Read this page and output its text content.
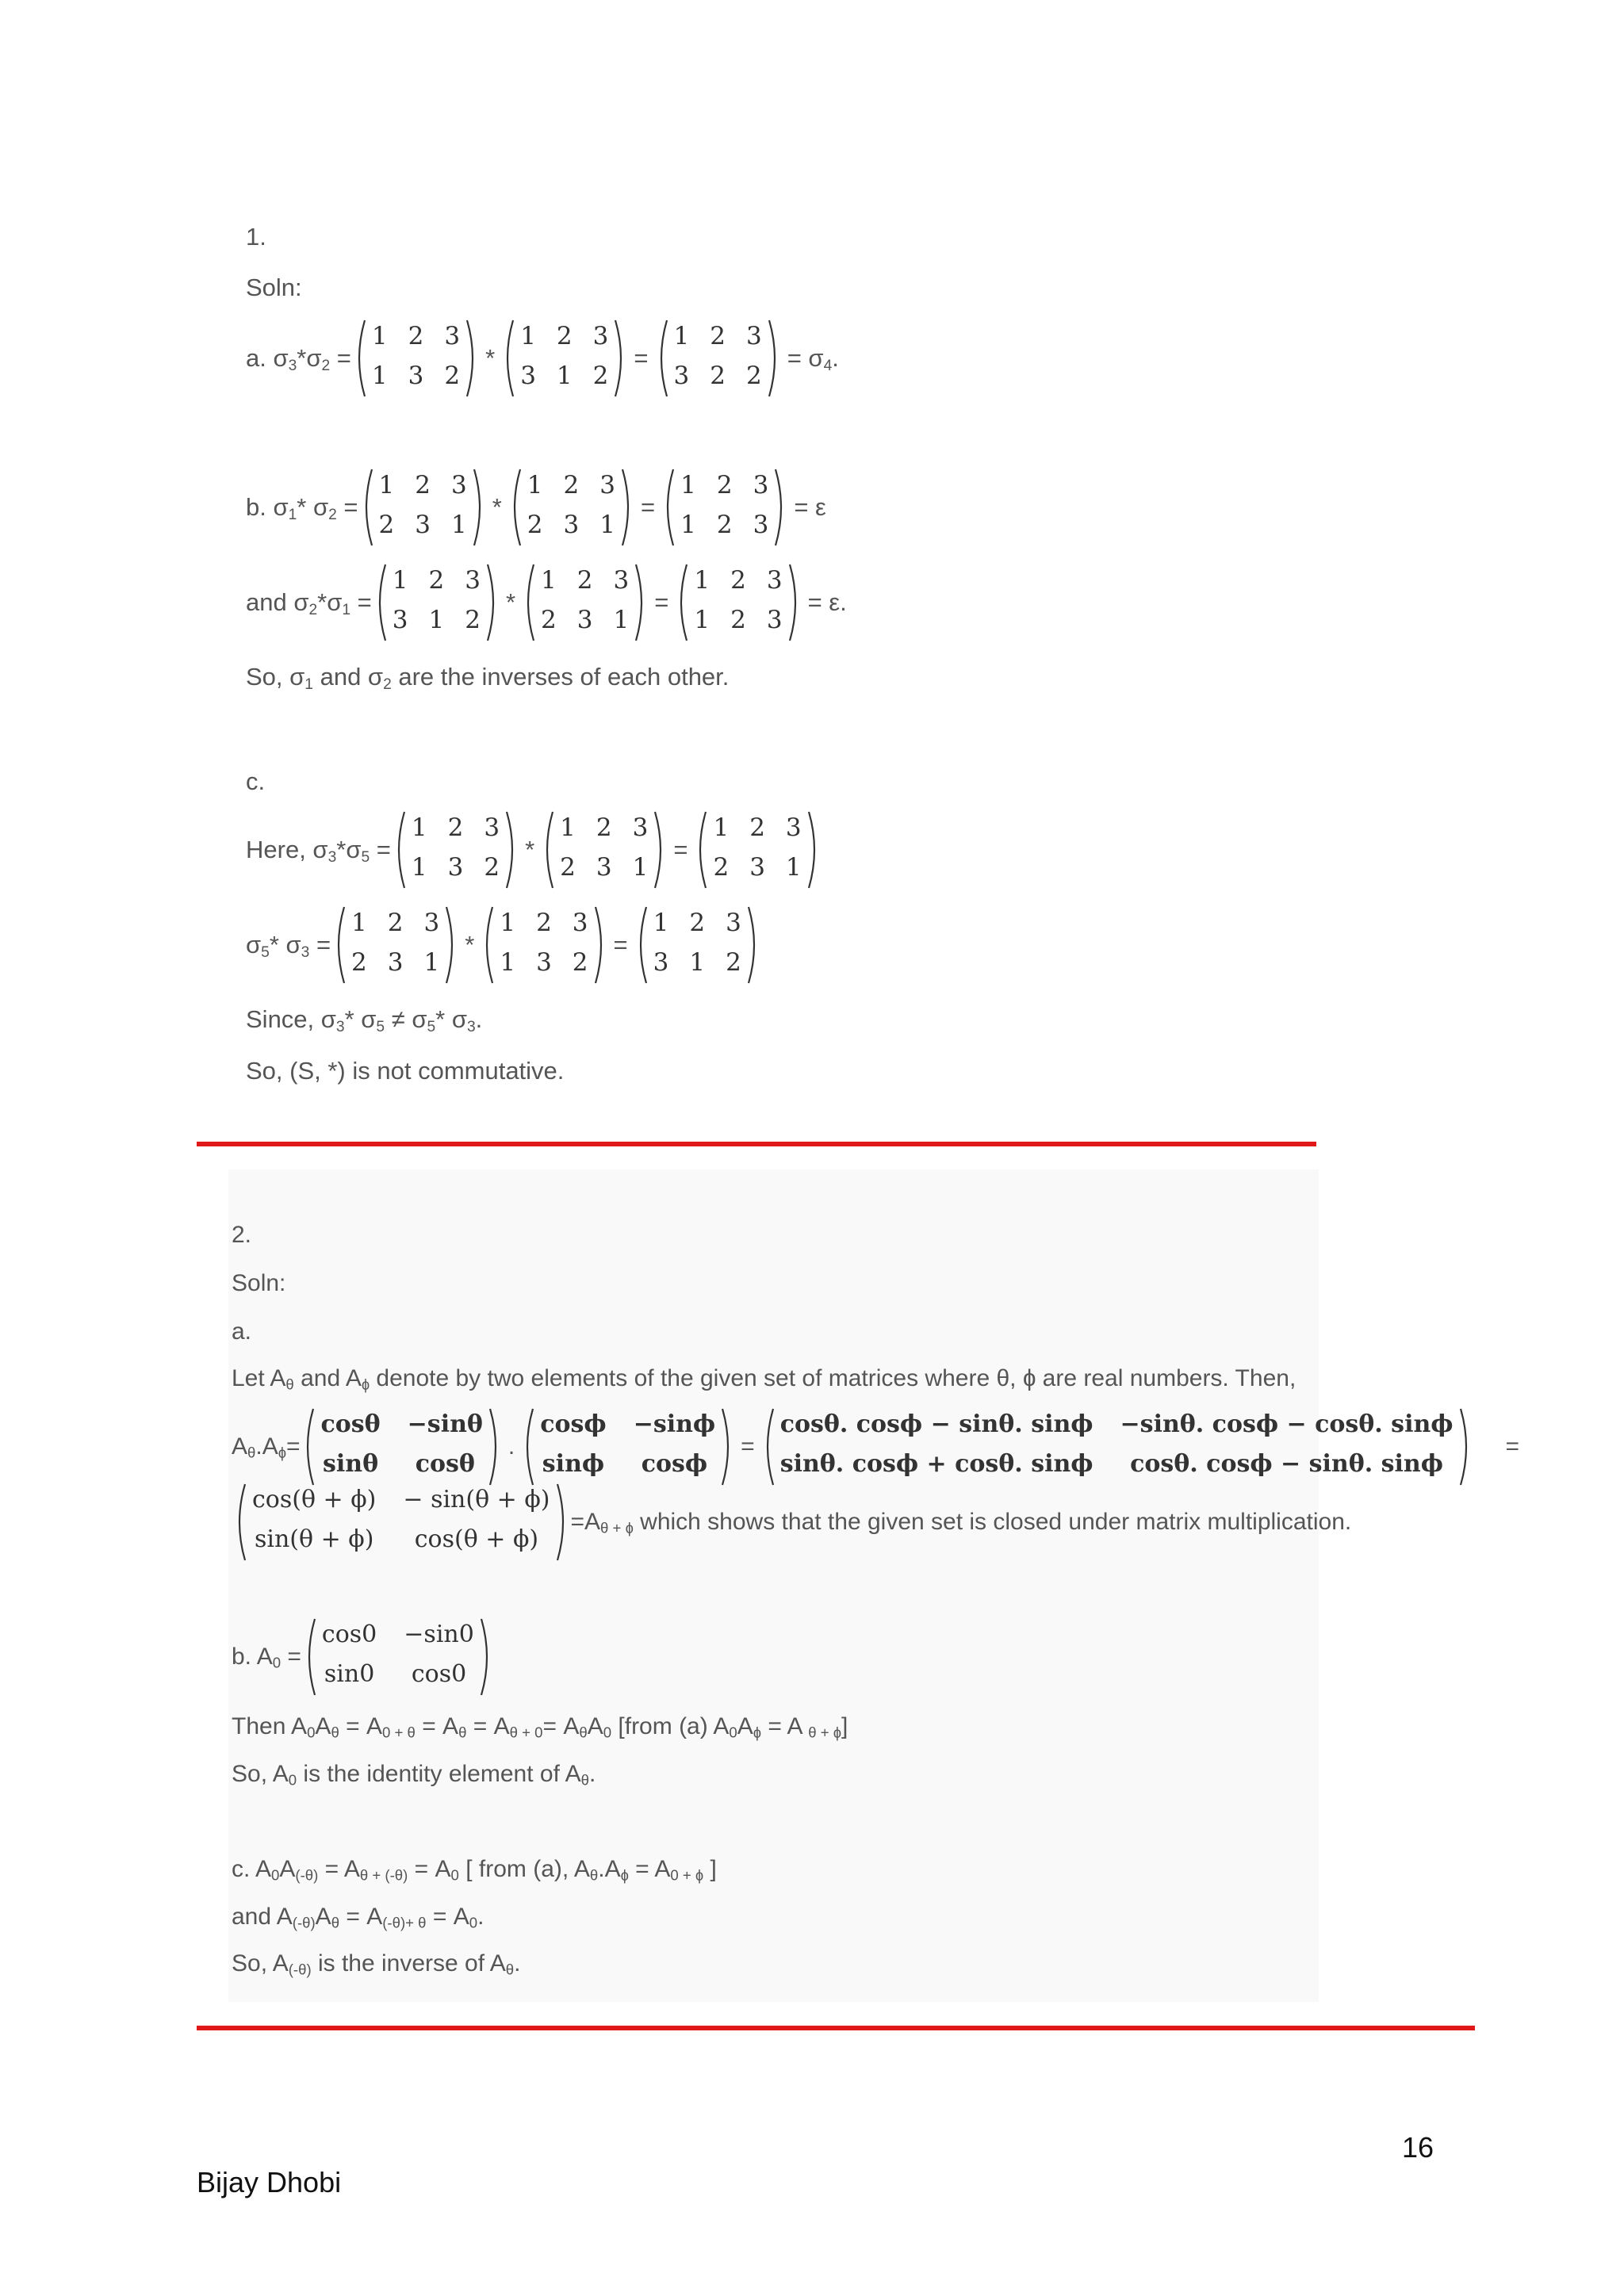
1.
Soln:
a. $\sigma_3*\sigma_2$ =
1
1
2
3
3
2
*
1
3
2
1
3
2
=
1
3
2
2
3
2
= $\sigma_4$.
b. $\sigma_1*$ $\sigma_2$ =
1
2
2
3
3
1
*
1
2
2
3
3
1
=
1
1
2
2
3
3
= ε
and $\sigma_2*\sigma_1$ =
1
3
2
1
3
2
*
1
2
2
3
3
1
=
1
1
2
2
3
3
= ε.
So, $\sigma_1$ and $\sigma_2$ are the inverses of each other.
c.
Here, $\sigma_3*\sigma_5$ =
1
1
2
3
3
2
*
1
2
2
3
3
1
=
1
2
2
3
3
1
$\sigma_5*$ $\sigma_3$ =
1
2
2
3
3
1
*
1
1
2
3
3
2
=
1
3
2
1
3
2
Since, $\sigma_3*$ $\sigma_5 \ne \sigma_5*$ $\sigma_3$.
So, (S, *) is not commutative.
2.
Soln:
a.
Let $A_\theta$ and $A_ɸ$ denote by two elements of the given set of matrices where θ, ɸ are real numbers. Then,
$A_\theta.A_ɸ=$
cosθ
sinθ
−sinθ
cosθ
.
cosϕ
sinϕ
−sinϕ
cosϕ
=
cosθ. cosϕ − sinθ. sinϕ
sinθ. cosϕ + cosθ. sinϕ
−sinθ. cosϕ − cosθ. sinϕ
cosθ. cosϕ − sinθ. sinϕ
=
cos(θ + ϕ)
sin(θ + ϕ)
− sin(θ + ϕ)
cos(θ + ϕ)
$=A_{\theta + ɸ}$ which shows that the given set is closed under matrix multiplication.
b. $A_0$ =
cos0
sin0
−sin0
cos0
Then $A_0A_\theta = A_{0 + \theta} = A_\theta = A_{\theta + 0}= A_\theta A_0$ [from (a) $A_0A_ɸ = A$ $_{\theta + ɸ}$]
So, $A_0$ is the identity element of $A_\theta$.
c. $A_0A_{(-\theta)} = A_{\theta + (-\theta)} = A_0$ [ from (a), $A_\theta.A_ɸ = A_{0 + ɸ}$ ]
and $A_{(-\theta)}A_\theta = A_{(-\theta)+ \theta} = A_0$.
So, $A_{(-\theta)}$ is the inverse of $A_\theta$.
16
Bijay Dhobi
